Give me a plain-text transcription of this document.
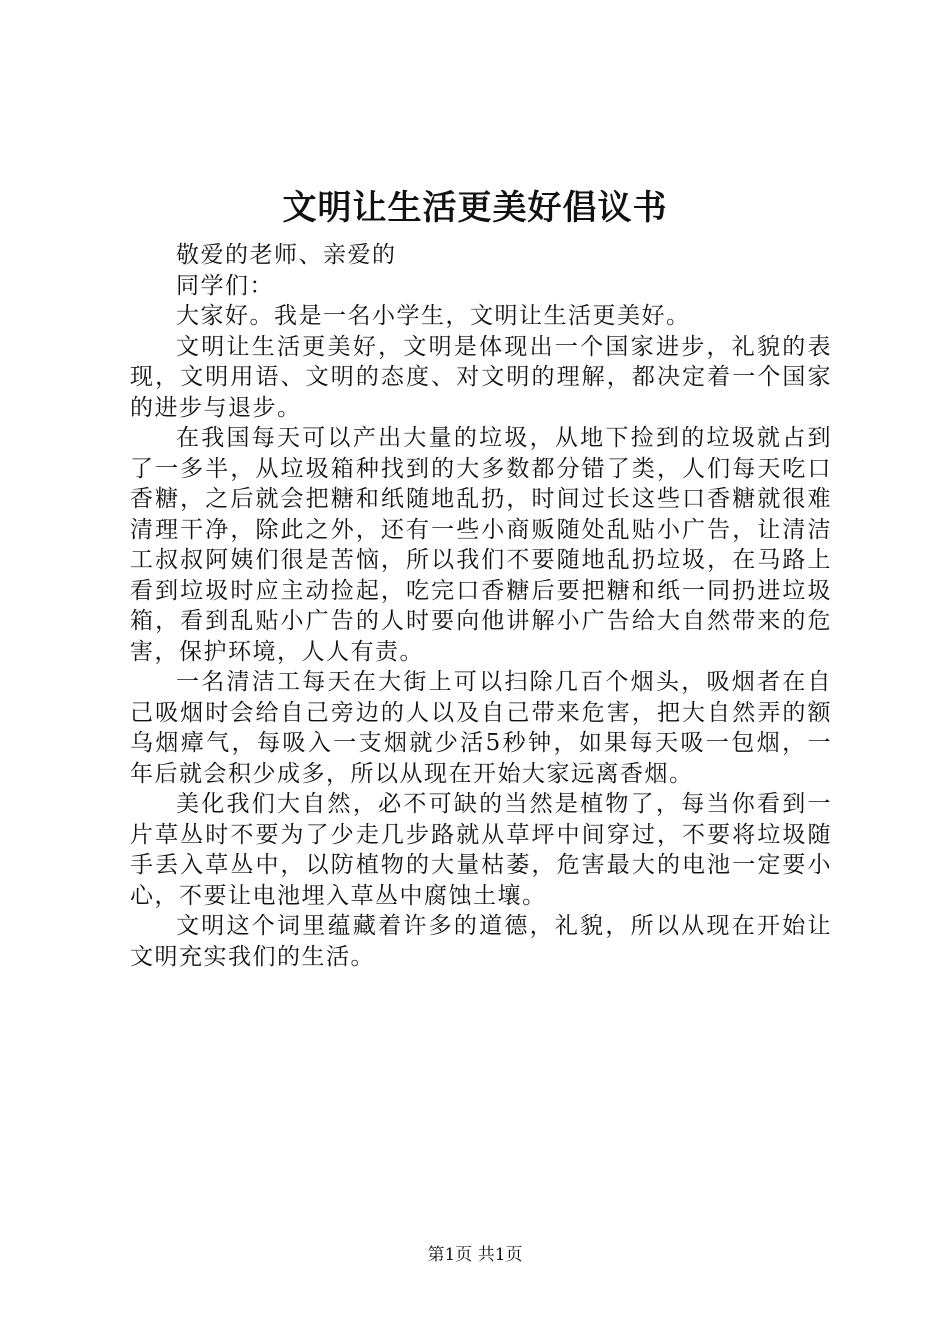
文明让生活更美好倡议书

敬爱的老师、亲爱的

同学们：

大家好。我是一名小学生，文明让生活更美好。

文明让生活更美好，文明是体现出一个国家进步，礼貌的表现，文明用语、文明的态度、对文明的理解，都决定着一个国家的进步与退步。

在我国每天可以产出大量的垃圾，从地下捡到的垃圾就占到了一多半，从垃圾箱种找到的大多数都分错了类，人们每天吃口香糖，之后就会把糖和纸随地乱扔，时间过长这些口香糖就很难清理干净，除此之外，还有一些小商贩随处乱贴小广告，让清洁工叔叔阿姨们很是苦恼，所以我们不要随地乱扔垃圾，在马路上看到垃圾时应主动捡起，吃完口香糖后要把糖和纸一同扔进垃圾箱，看到乱贴小广告的人时要向他讲解小广告给大自然带来的危害，保护环境，人人有责。

一名清洁工每天在大街上可以扫除几百个烟头，吸烟者在自己吸烟时会给自己旁边的人以及自己带来危害，把大自然弄的额乌烟瘴气，每吸入一支烟就少活5秒钟，如果每天吸一包烟，一年后就会积少成多，所以从现在开始大家远离香烟。

美化我们大自然，必不可缺的当然是植物了，每当你看到一片草丛时不要为了少走几步路就从草坪中间穿过，不要将垃圾随手丢入草丛中，以防植物的大量枯萎，危害最大的电池一定要小心，不要让电池埋入草丛中腐蚀土壤。

文明这个词里蕴藏着许多的道德，礼貌，所以从现在开始让文明充实我们的生活。

第1页 共1页
